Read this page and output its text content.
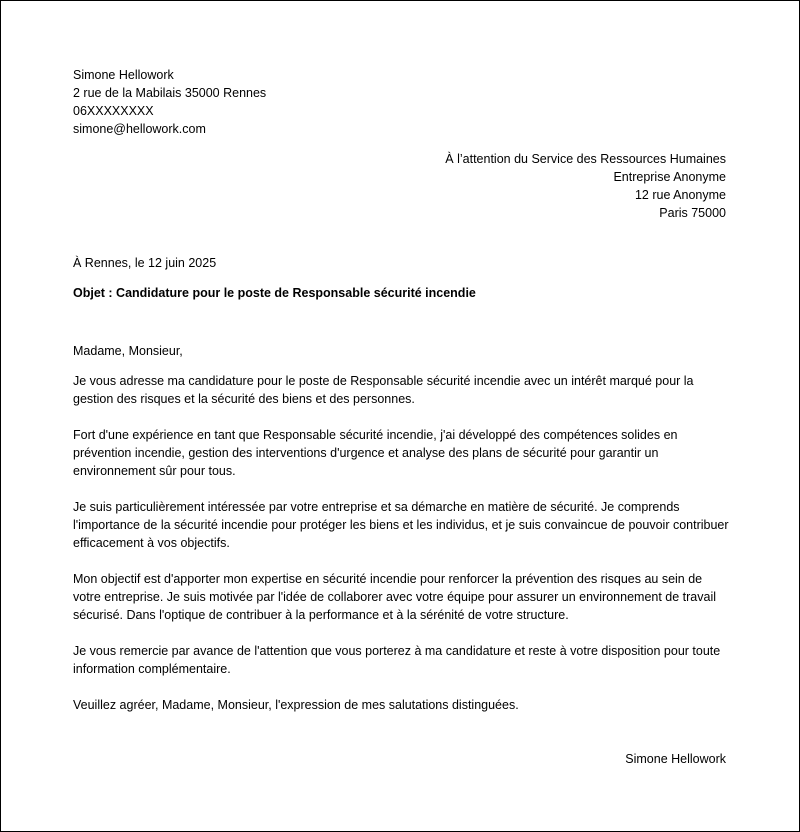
Simone Hellowork
2 rue de la Mabilais 35000 Rennes
06XXXXXXXX
simone@hellowork.com
À l’attention du Service des Ressources Humaines
Entreprise Anonyme
12 rue Anonyme
Paris 75000
À Rennes, le 12 juin 2025
Objet : Candidature pour le poste de Responsable sécurité incendie

Madame, Monsieur,

Je vous adresse ma candidature pour le poste de Responsable sécurité incendie avec un intérêt marqué pour la gestion des risques et la sécurité des biens et des personnes.

Fort d'une expérience en tant que Responsable sécurité incendie, j'ai développé des compétences solides en prévention incendie, gestion des interventions d'urgence et analyse des plans de sécurité pour garantir un environnement sûr pour tous.

Je suis particulièrement intéressée par votre entreprise et sa démarche en matière de sécurité. Je comprends l'importance de la sécurité incendie pour protéger les biens et les individus, et je suis convaincue de pouvoir contribuer efficacement à vos objectifs.

Mon objectif est d'apporter mon expertise en sécurité incendie pour renforcer la prévention des risques au sein de votre entreprise. Je suis motivée par l'idée de collaborer avec votre équipe pour assurer un environnement de travail sécurisé. Dans l'optique de contribuer à la performance et à la sérénité de votre structure.

Je vous remercie par avance de l'attention que vous porterez à ma candidature et reste à votre disposition pour toute information complémentaire.

Veuillez agréer, Madame, Monsieur, l'expression de mes salutations distinguées.

Simone Hellowork
